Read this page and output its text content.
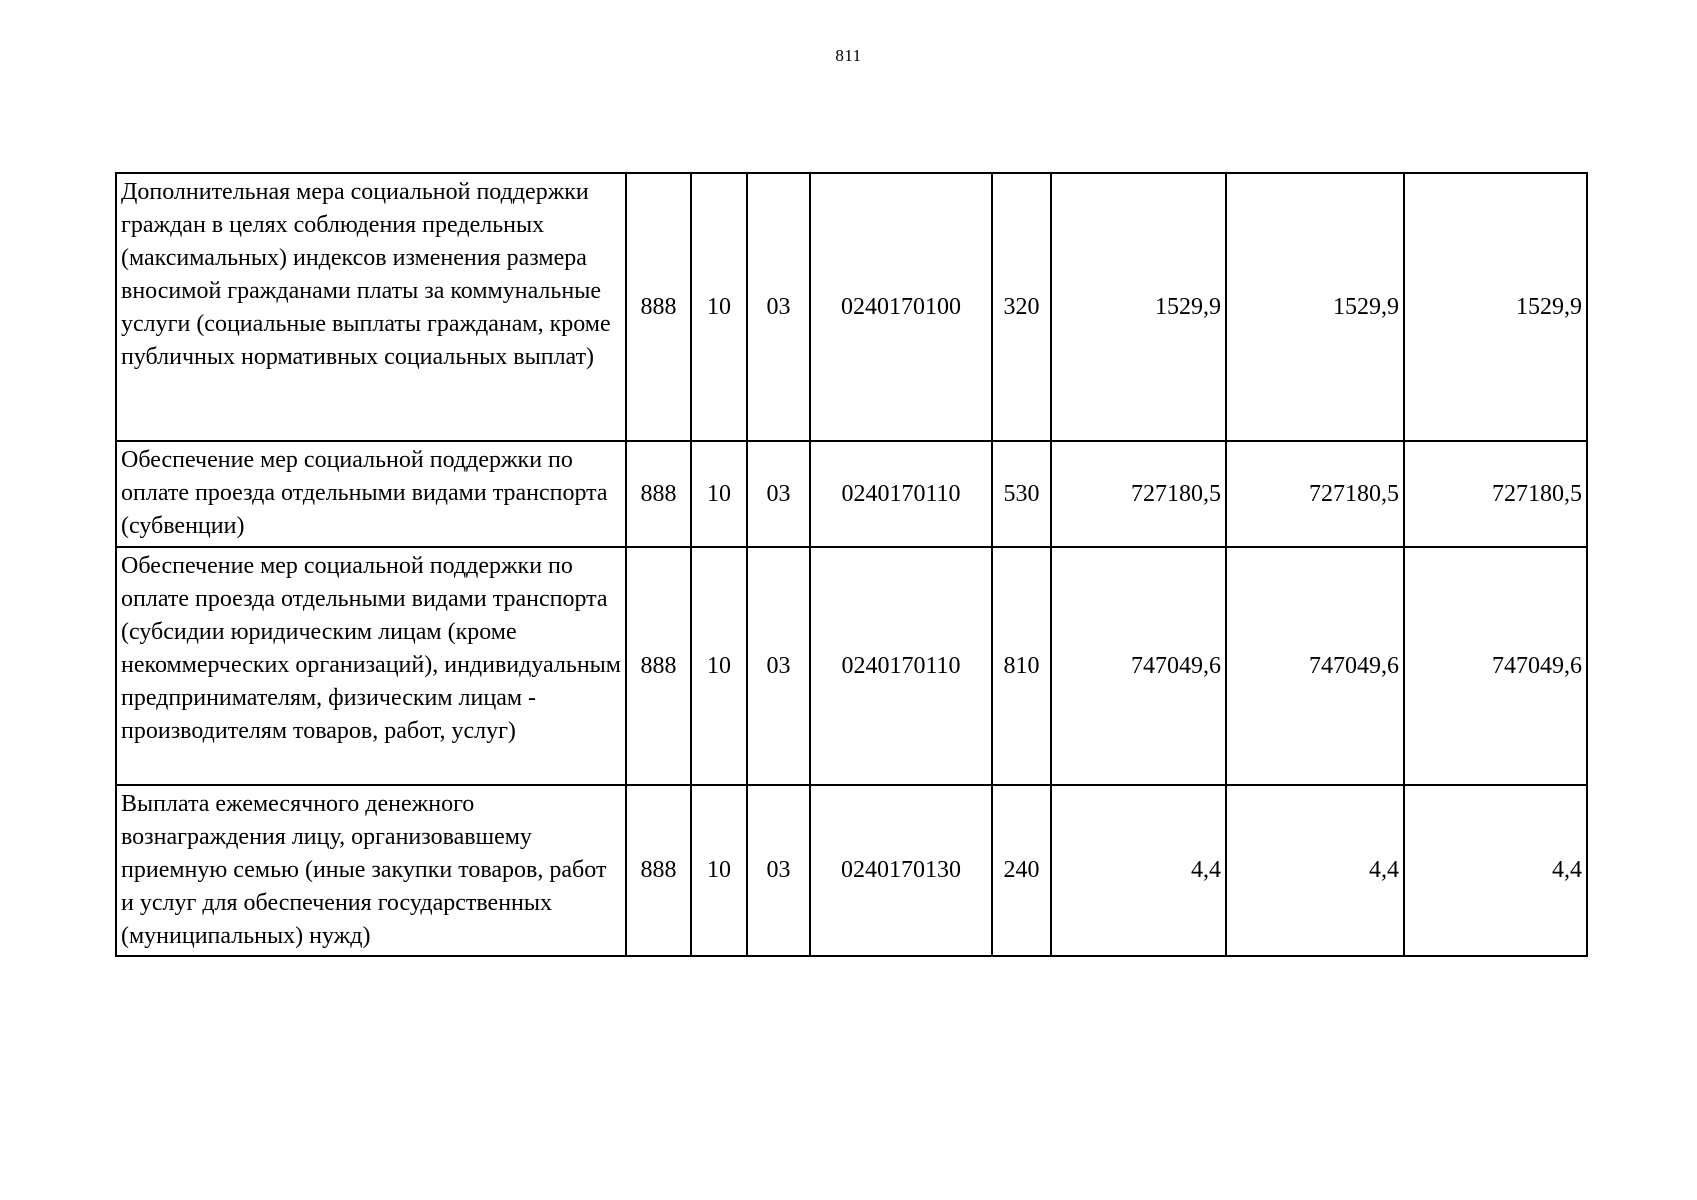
811
Дополнительная мера социальной поддержки граждан в целях соблюдения предельных (максимальных) индексов изменения размера вносимой гражданами платы за коммунальные услуги (социальные выплаты гражданам, кроме публичных нормативных социальных выплат)	888	10	03	0240170100	320	1529,9	1529,9	1529,9
Обеспечение мер социальной поддержки по оплате проезда отдельными видами транспорта (субвенции)	888	10	03	0240170110	530	727180,5	727180,5	727180,5
Обеспечение мер социальной поддержки по оплате проезда отдельными видами транспорта (субсидии юридическим лицам (кроме некоммерческих организаций), индивидуальным предпринимателям, физическим лицам - производителям товаров, работ, услуг)	888	10	03	0240170110	810	747049,6	747049,6	747049,6
Выплата ежемесячного денежного вознаграждения лицу, организовавшему приемную семью (иные закупки товаров, работ и услуг для обеспечения государственных (муниципальных) нужд)	888	10	03	0240170130	240	4,4	4,4	4,4
